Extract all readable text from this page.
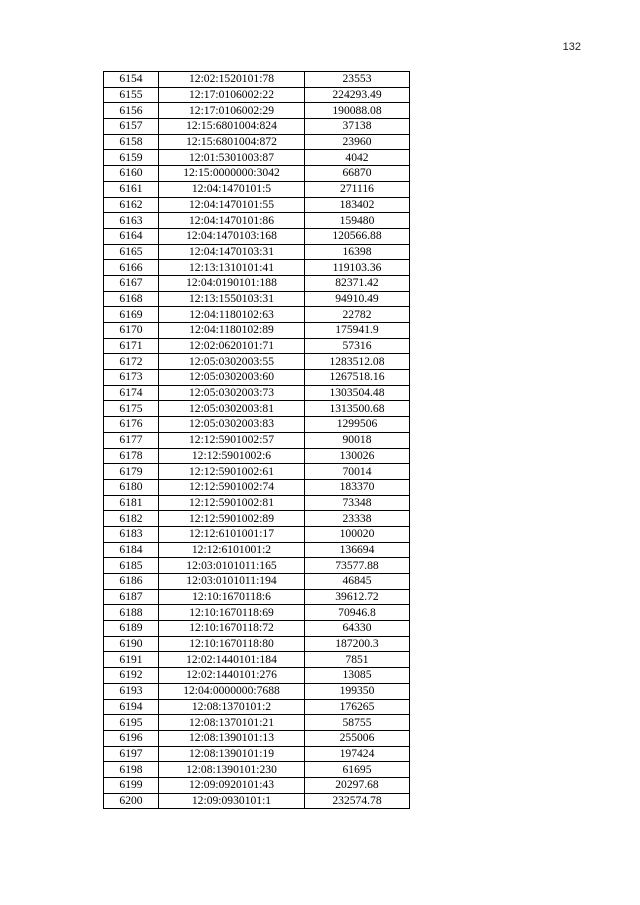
132
6154	12:02:1520101:78	23553
6155	12:17:0106002:22	224293.49
6156	12:17:0106002:29	190088.08
6157	12:15:6801004:824	37138
6158	12:15:6801004:872	23960
6159	12:01:5301003:87	4042
6160	12:15:0000000:3042	66870
6161	12:04:1470101:5	271116
6162	12:04:1470101:55	183402
6163	12:04:1470101:86	159480
6164	12:04:1470103:168	120566.88
6165	12:04:1470103:31	16398
6166	12:13:1310101:41	119103.36
6167	12:04:0190101:188	82371.42
6168	12:13:1550103:31	94910.49
6169	12:04:1180102:63	22782
6170	12:04:1180102:89	175941.9
6171	12:02:0620101:71	57316
6172	12:05:0302003:55	1283512.08
6173	12:05:0302003:60	1267518.16
6174	12:05:0302003:73	1303504.48
6175	12:05:0302003:81	1313500.68
6176	12:05:0302003:83	1299506
6177	12:12:5901002:57	90018
6178	12:12:5901002:6	130026
6179	12:12:5901002:61	70014
6180	12:12:5901002:74	183370
6181	12:12:5901002:81	73348
6182	12:12:5901002:89	23338
6183	12:12:6101001:17	100020
6184	12:12:6101001:2	136694
6185	12:03:0101011:165	73577.88
6186	12:03:0101011:194	46845
6187	12:10:1670118:6	39612.72
6188	12:10:1670118:69	70946.8
6189	12:10:1670118:72	64330
6190	12:10:1670118:80	187200.3
6191	12:02:1440101:184	7851
6192	12:02:1440101:276	13085
6193	12:04:0000000:7688	199350
6194	12:08:1370101:2	176265
6195	12:08:1370101:21	58755
6196	12:08:1390101:13	255006
6197	12:08:1390101:19	197424
6198	12:08:1390101:230	61695
6199	12:09:0920101:43	20297.68
6200	12:09:0930101:1	232574.78
